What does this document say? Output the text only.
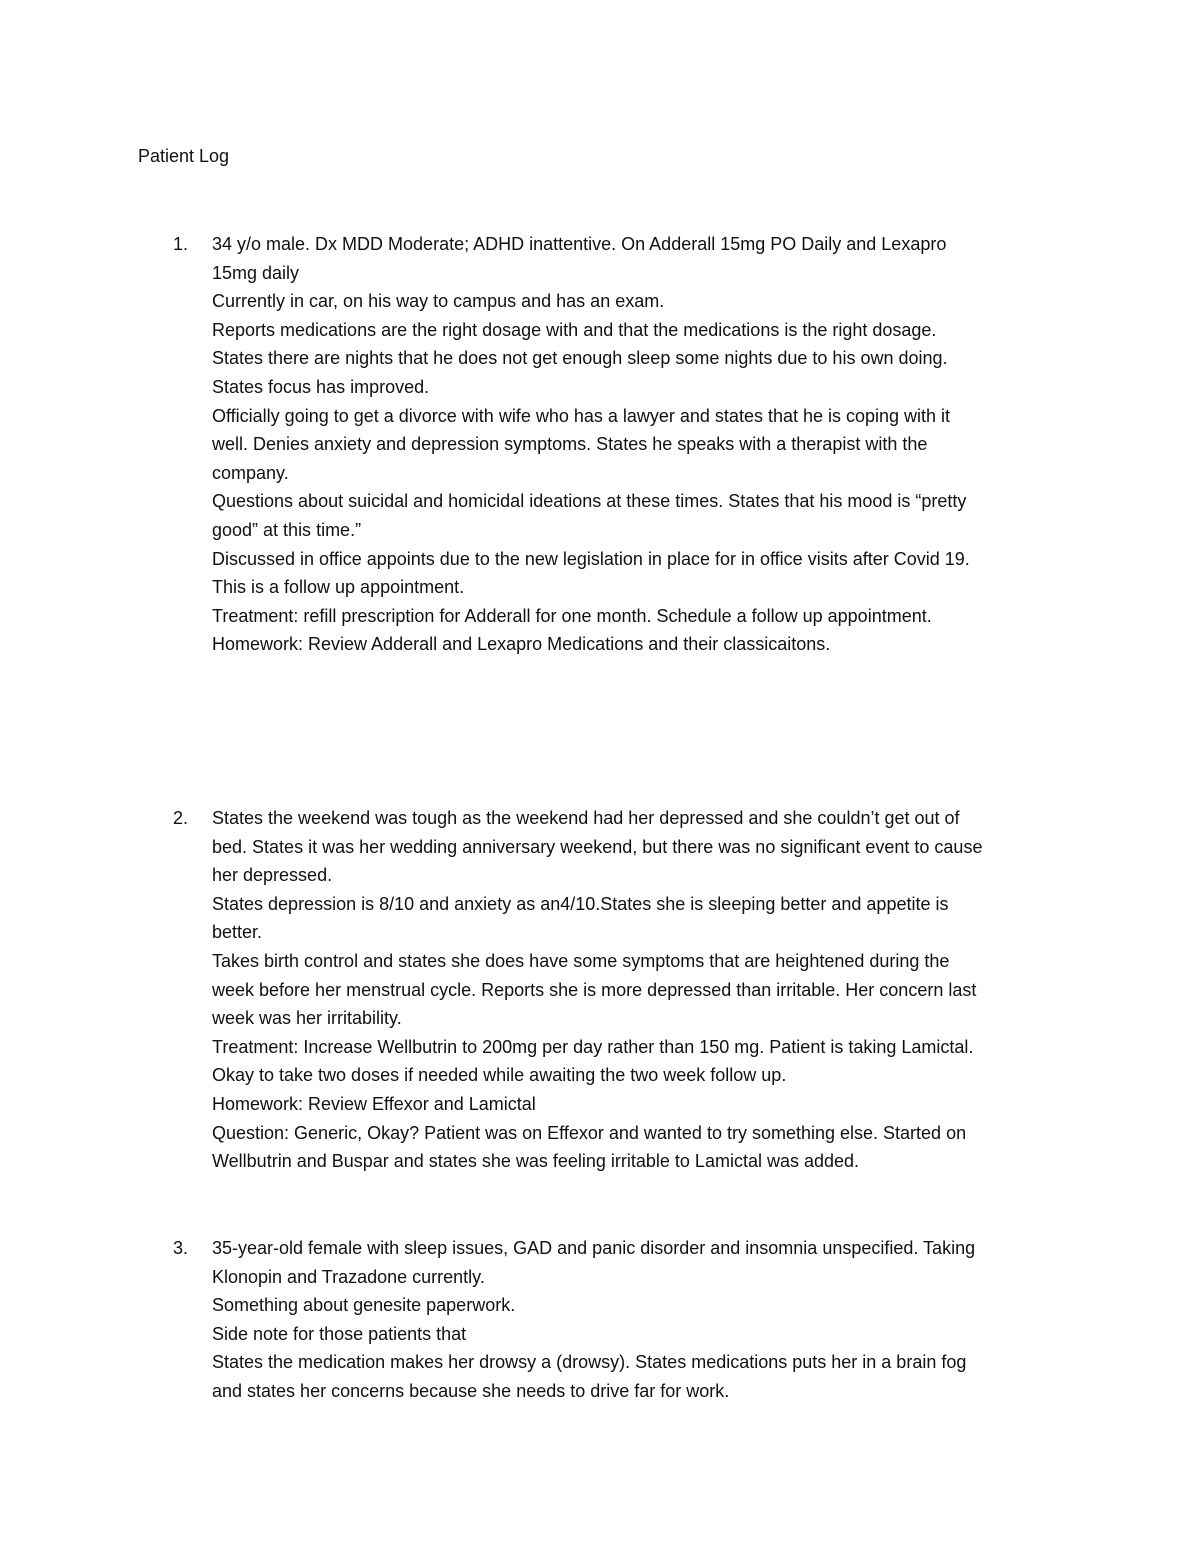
Patient Log
1. 34 y/o male. Dx MDD Moderate; ADHD inattentive. On Adderall 15mg PO Daily and Lexapro
15mg daily
Currently in car, on his way to campus and has an exam.
Reports medications are the right dosage with and that the medications is the right dosage.
States there are nights that he does not get enough sleep some nights due to his own doing.
States focus has improved.
Officially going to get a divorce with wife who has a lawyer and states that he is coping with it
well. Denies anxiety and depression symptoms. States he speaks with a therapist with the
company.
Questions about suicidal and homicidal ideations at these times. States that his mood is “pretty
good” at this time.”
Discussed in office appoints due to the new legislation in place for in office visits after Covid 19.
This is a follow up appointment.
Treatment: refill prescription for Adderall for one month. Schedule a follow up appointment.
Homework: Review Adderall and Lexapro Medications and their classicaitons.
2. States the weekend was tough as the weekend had her depressed and she couldn’t get out of
bed. States it was her wedding anniversary weekend, but there was no significant event to cause
her depressed.
States depression is 8/10 and anxiety as an4/10.States she is sleeping better and appetite is
better.
Takes birth control and states she does have some symptoms that are heightened during the
week before her menstrual cycle. Reports she is more depressed than irritable. Her concern last
week was her irritability.
Treatment: Increase Wellbutrin to 200mg per day rather than 150 mg. Patient is taking Lamictal.
Okay to take two doses if needed while awaiting the two week follow up.
Homework: Review Effexor and Lamictal
Question: Generic, Okay? Patient was on Effexor and wanted to try something else. Started on
Wellbutrin and Buspar and states she was feeling irritable to Lamictal was added.
3. 35-year-old female with sleep issues, GAD and panic disorder and insomnia unspecified. Taking
Klonopin and Trazadone currently.
Something about genesite paperwork.
Side note for those patients that
States the medication makes her drowsy a (drowsy). States medications puts her in a brain fog
and states her concerns because she needs to drive far for work.
